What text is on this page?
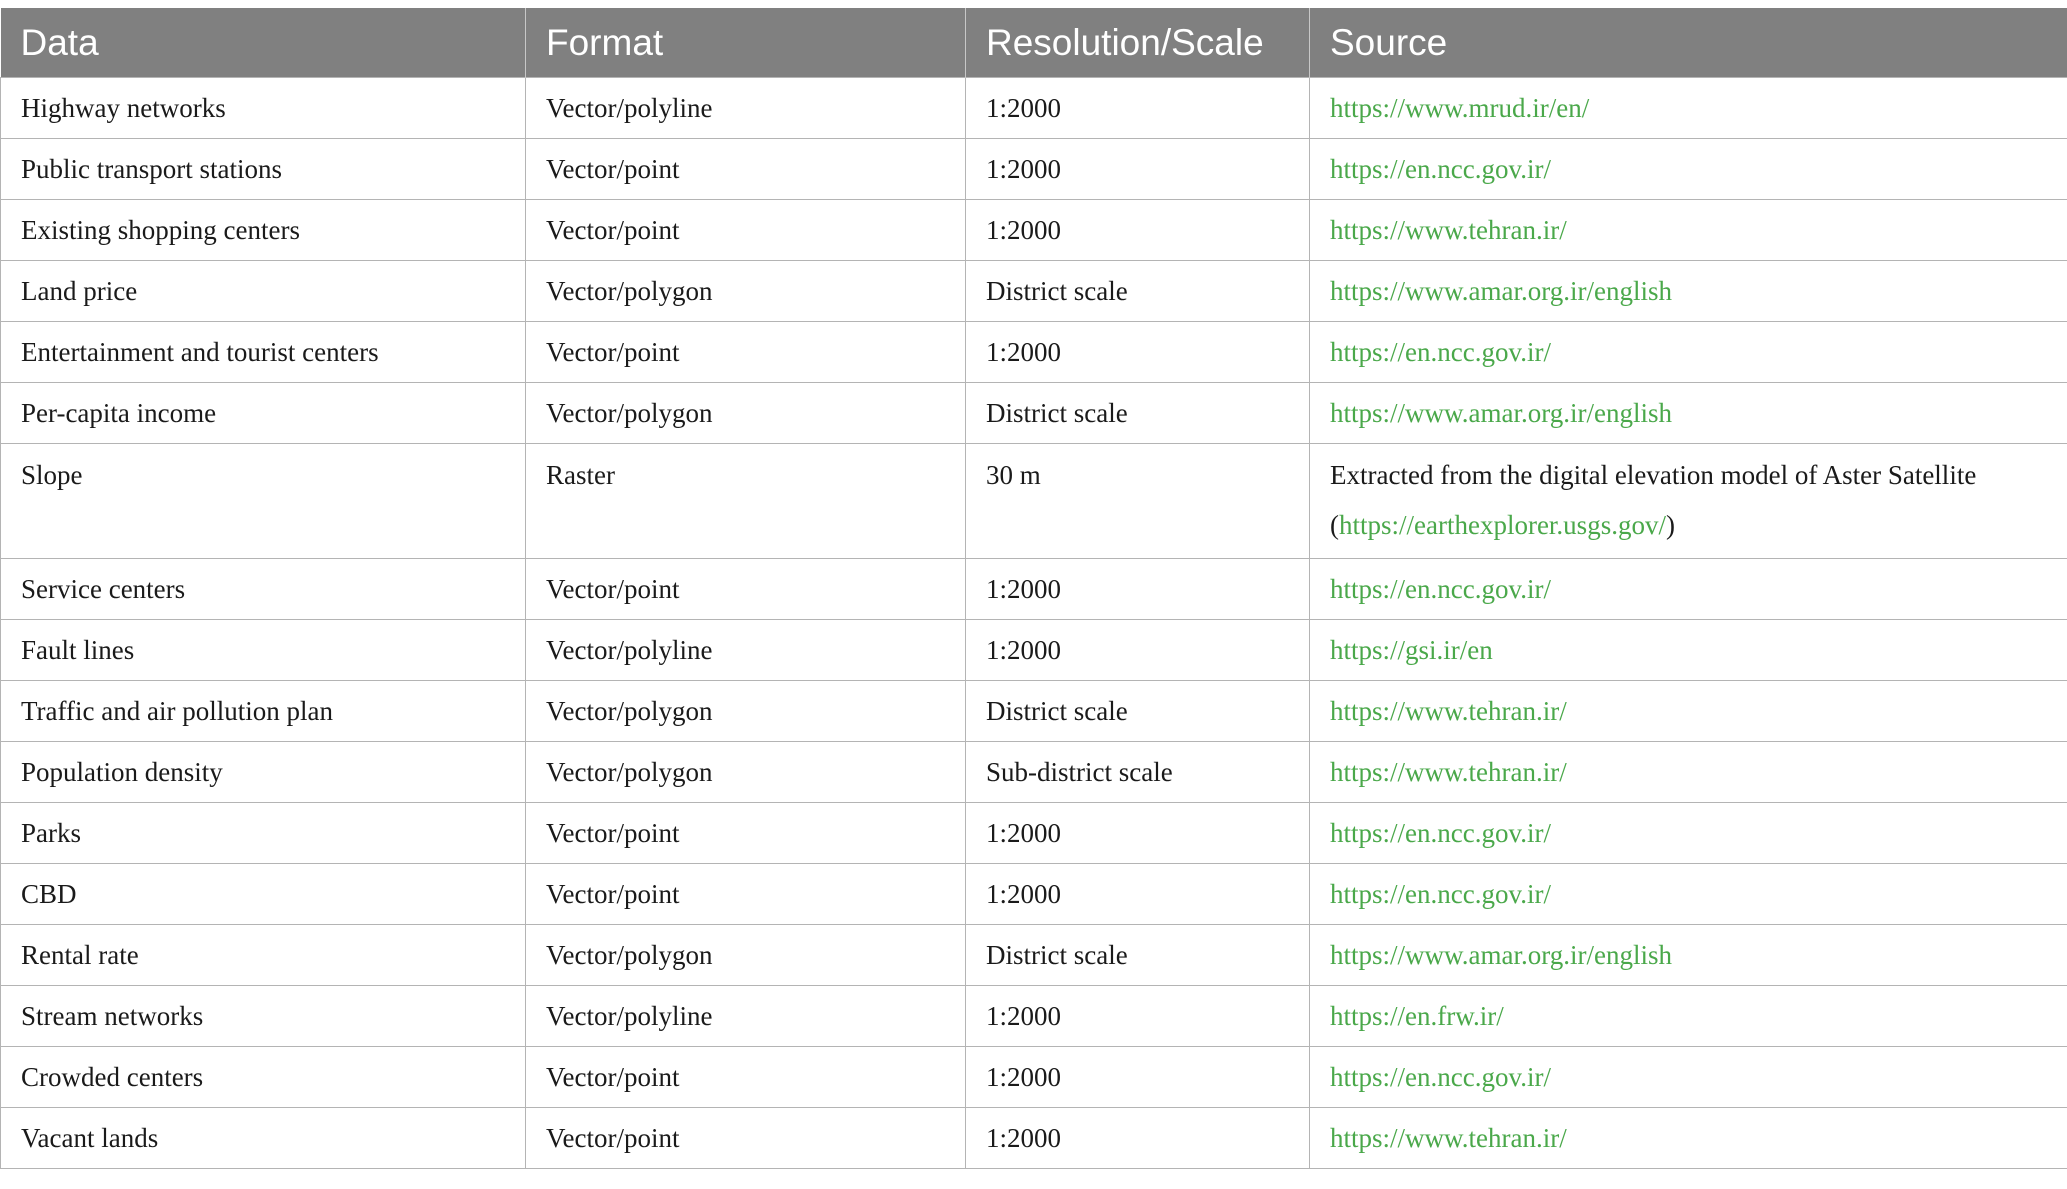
Data	Format	Resolution/Scale	Source
Highway networks	Vector/polyline	1:2000	https://www.mrud.ir/en/
Public transport stations	Vector/point	1:2000	https://en.ncc.gov.ir/
Existing shopping centers	Vector/point	1:2000	https://www.tehran.ir/
Land price	Vector/polygon	District scale	https://www.amar.org.ir/english
Entertainment and tourist centers	Vector/point	1:2000	https://en.ncc.gov.ir/
Per-capita income	Vector/polygon	District scale	https://www.amar.org.ir/english
Slope	Raster	30 m	Extracted from the digital elevation model of Aster Satellite
(https://earthexplorer.usgs.gov/)
Service centers	Vector/point	1:2000	https://en.ncc.gov.ir/
Fault lines	Vector/polyline	1:2000	https://gsi.ir/en
Traffic and air pollution plan	Vector/polygon	District scale	https://www.tehran.ir/
Population density	Vector/polygon	Sub-district scale	https://www.tehran.ir/
Parks	Vector/point	1:2000	https://en.ncc.gov.ir/
CBD	Vector/point	1:2000	https://en.ncc.gov.ir/
Rental rate	Vector/polygon	District scale	https://www.amar.org.ir/english
Stream networks	Vector/polyline	1:2000	https://en.frw.ir/
Crowded centers	Vector/point	1:2000	https://en.ncc.gov.ir/
Vacant lands	Vector/point	1:2000	https://www.tehran.ir/
